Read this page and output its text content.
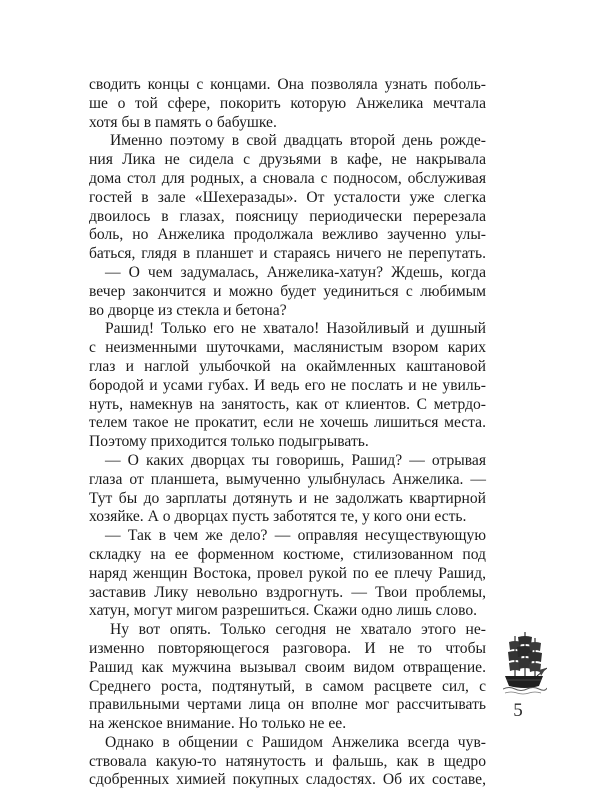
сводить концы с концами. Она позволяла узнать поболь-
ше о той сфере, покорить которую Анжелика мечтала
хотя бы в память о бабушке.
Именно поэтому в свой двадцать второй день рожде-
ния Лика не сидела с друзьями в кафе, не накрывала
дома стол для родных, а сновала с подносом, обслуживая
гостей в зале «Шехеразады». От усталости уже слегка
двоилось в глазах, поясницу периодически перерезала
боль, но Анжелика продолжала вежливо заученно улы-
баться, глядя в планшет и стараясь ничего не перепутать.
— О чем задумалась, Анжелика-хатун? Ждешь, когда
вечер закончится и можно будет уединиться с любимым
во дворце из стекла и бетона?
Рашид! Только его не хватало! Назойливый и душный
с неизменными шуточками, маслянистым взором карих
глаз и наглой улыбочкой на окаймленных каштановой
бородой и усами губах. И ведь его не послать и не увиль-
нуть, намекнув на занятость, как от клиентов. С метрдо-
телем такое не прокатит, если не хочешь лишиться места.
Поэтому приходится только подыгрывать.
— О каких дворцах ты говоришь, Рашид? — отрывая
глаза от планшета, вымученно улыбнулась Анжелика. —
Тут бы до зарплаты дотянуть и не задолжать квартирной
хозяйке. А о дворцах пусть заботятся те, у кого они есть.
— Так в чем же дело? — оправляя несуществующую
складку на ее форменном костюме, стилизованном под
наряд женщин Востока, провел рукой по ее плечу Рашид,
заставив Лику невольно вздрогнуть. — Твои проблемы,
хатун, могут мигом разрешиться. Скажи одно лишь слово.
Ну вот опять. Только сегодня не хватало этого не-
изменно повторяющегося разговора. И не то чтобы
Рашид как мужчина вызывал своим видом отвращение.
Среднего роста, подтянутый, в самом расцвете сил, с
правильными чертами лица он вполне мог рассчитывать
на женское внимание. Но только не ее.
Однако в общении с Рашидом Анжелика всегда чув-
ствовала какую-то натянутость и фальшь, как в щедро
сдобренных химией покупных сладостях. Об их составе,
5
